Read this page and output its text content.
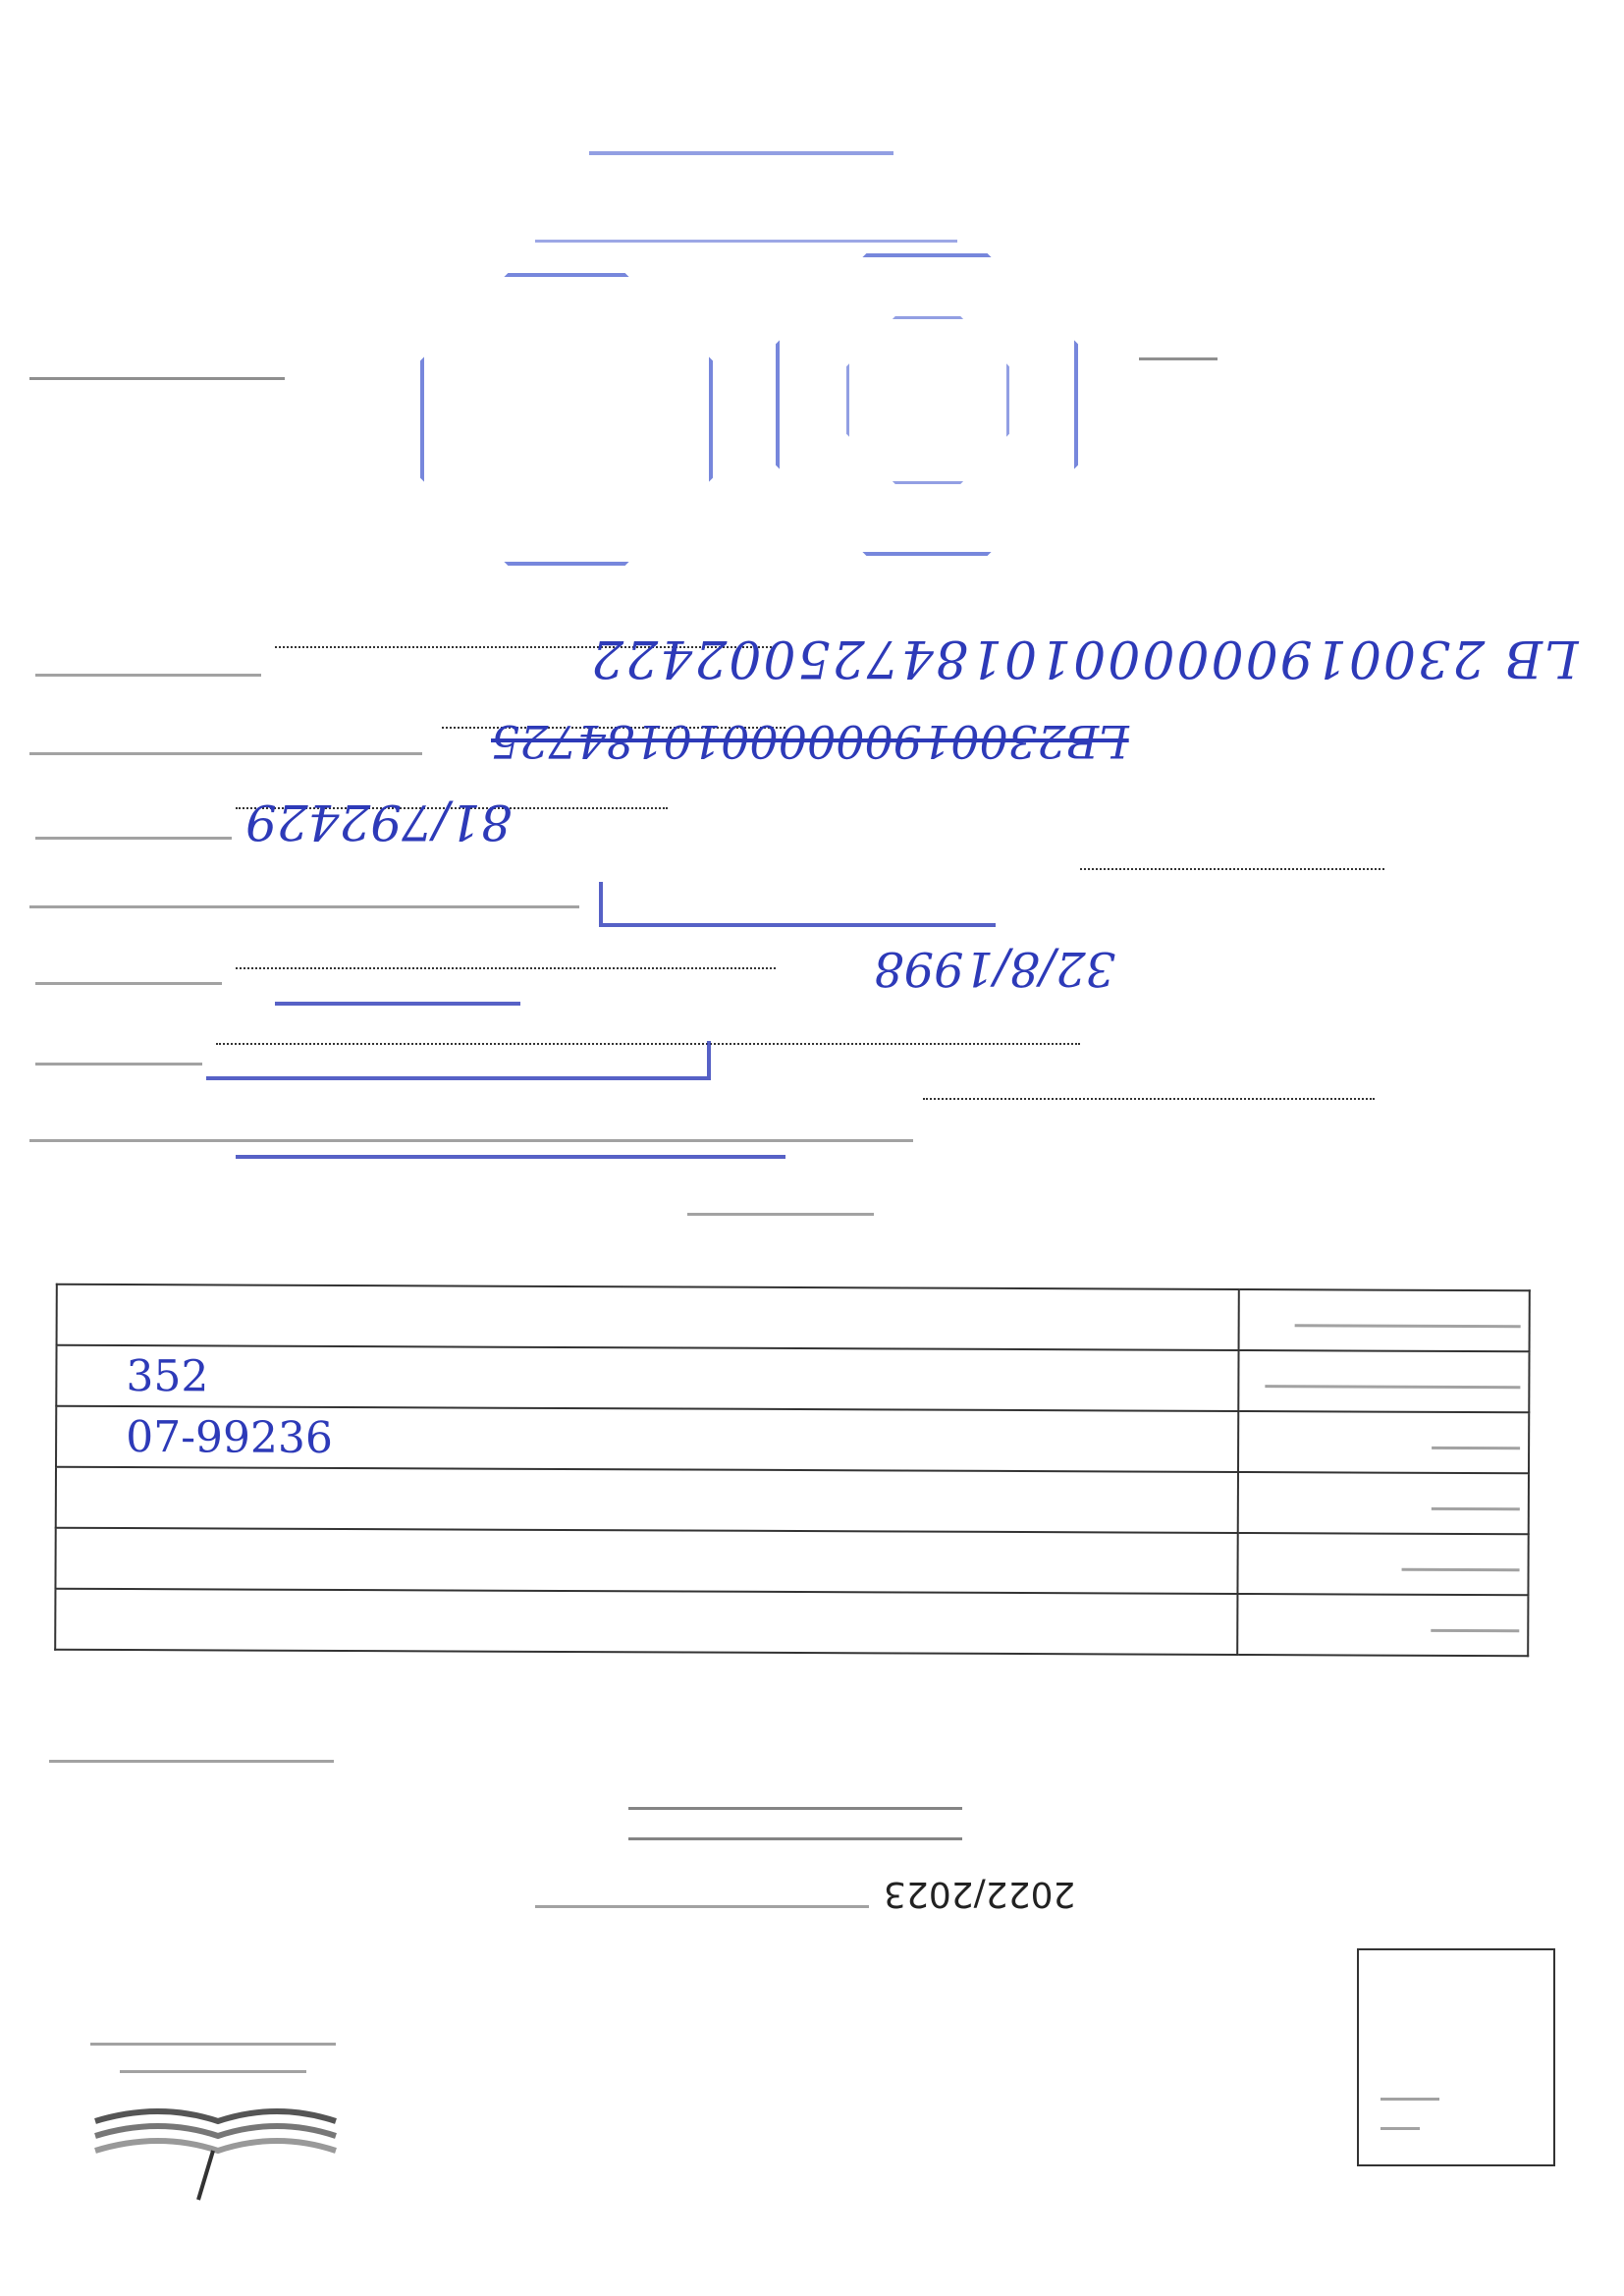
LB 23001900000010184725002422
LB23001900000010184725
81/792429
32/8/1998

352	
07-99236	

2022/2023
